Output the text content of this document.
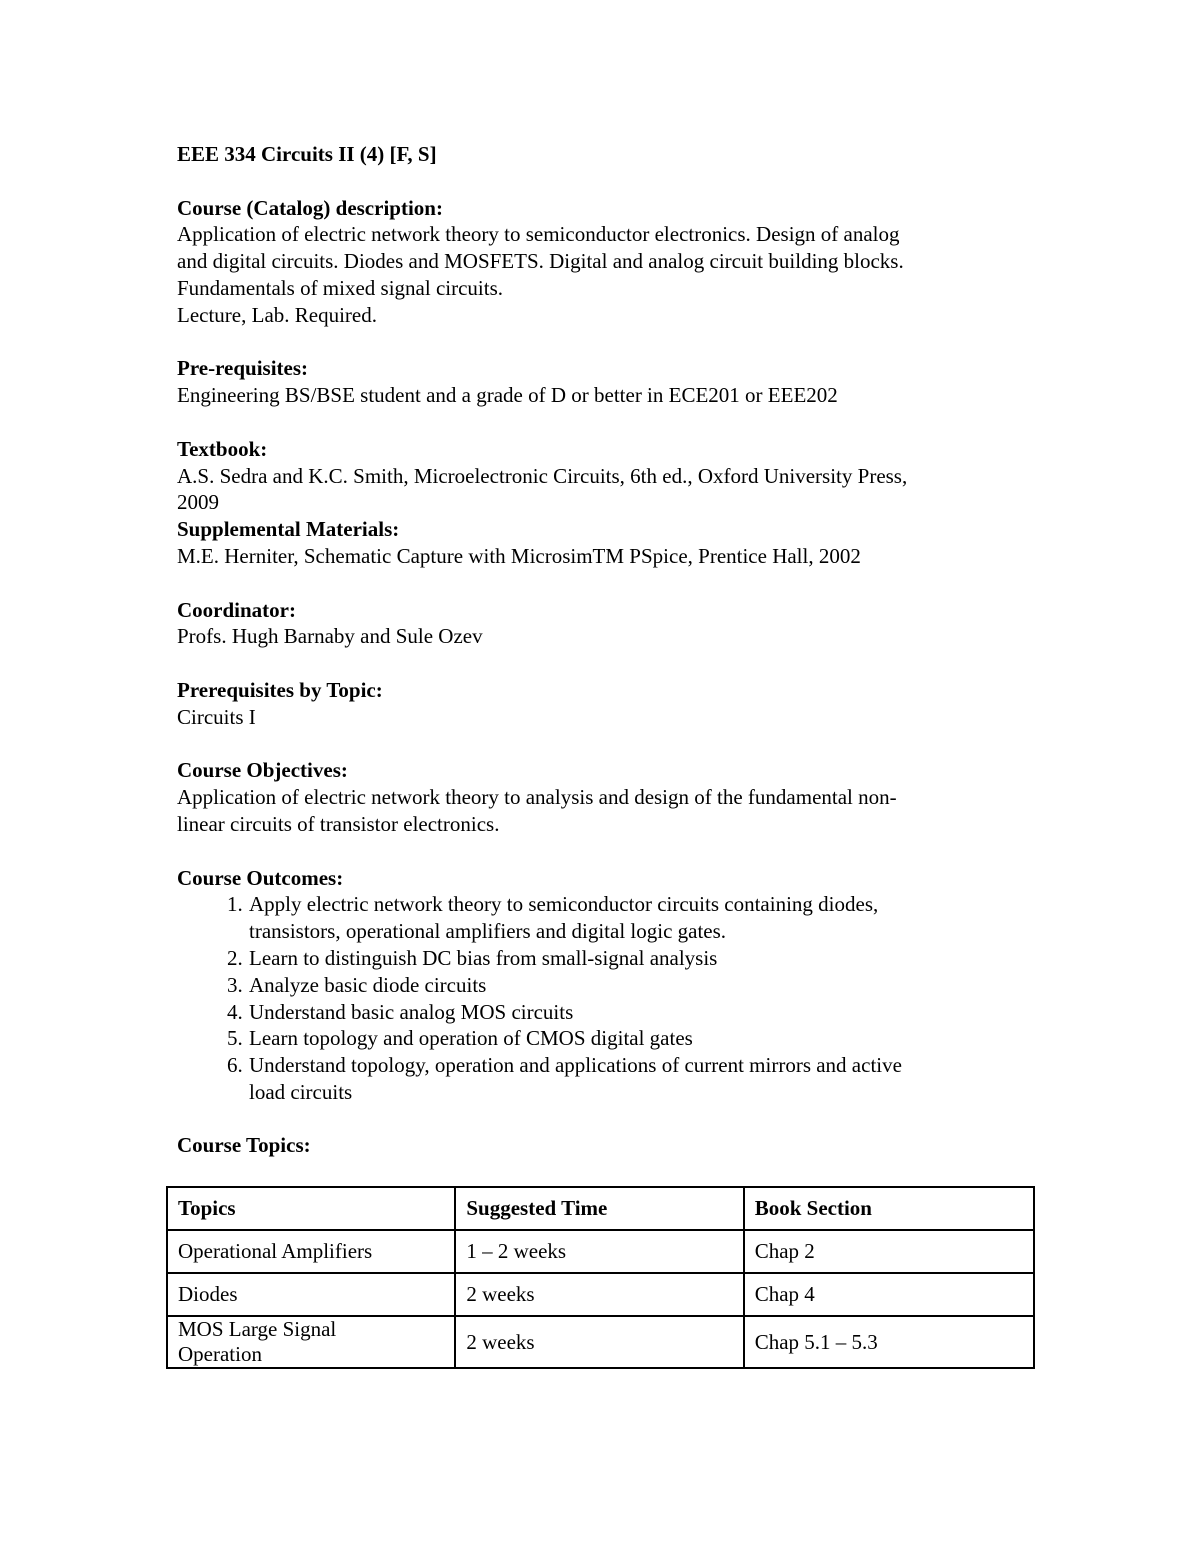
EEE 334 Circuits II (4) [F, S]
Course (Catalog) description:
Application of electric network theory to semiconductor electronics. Design of analog
and digital circuits. Diodes and MOSFETS. Digital and analog circuit building blocks.
Fundamentals of mixed signal circuits.
Lecture, Lab. Required.
Pre-requisites:
Engineering BS/BSE student and a grade of D or better in ECE201 or EEE202
Textbook:
A.S. Sedra and K.C. Smith, Microelectronic Circuits, 6th ed., Oxford University Press,
2009
Supplemental Materials:
M.E. Herniter, Schematic Capture with MicrosimTM PSpice, Prentice Hall, 2002
Coordinator:
Profs. Hugh Barnaby and Sule Ozev
Prerequisites by Topic:
Circuits I
Course Objectives:
Application of electric network theory to analysis and design of the fundamental non-
linear circuits of transistor electronics.
Course Outcomes:
1. Apply electric network theory to semiconductor circuits containing diodes,
transistors, operational amplifiers and digital logic gates.
2. Learn to distinguish DC bias from small-signal analysis
3. Analyze basic diode circuits
4. Understand basic analog MOS circuits
5. Learn topology and operation of CMOS digital gates
6. Understand topology, operation and applications of current mirrors and active
load circuits
Course Topics:
Topics	Suggested Time	Book Section

Operational Amplifiers	1 – 2 weeks	Chap 2

Diodes	2 weeks	Chap 4

MOS Large Signal
Operation	2 weeks	Chap 5.1 – 5.3
